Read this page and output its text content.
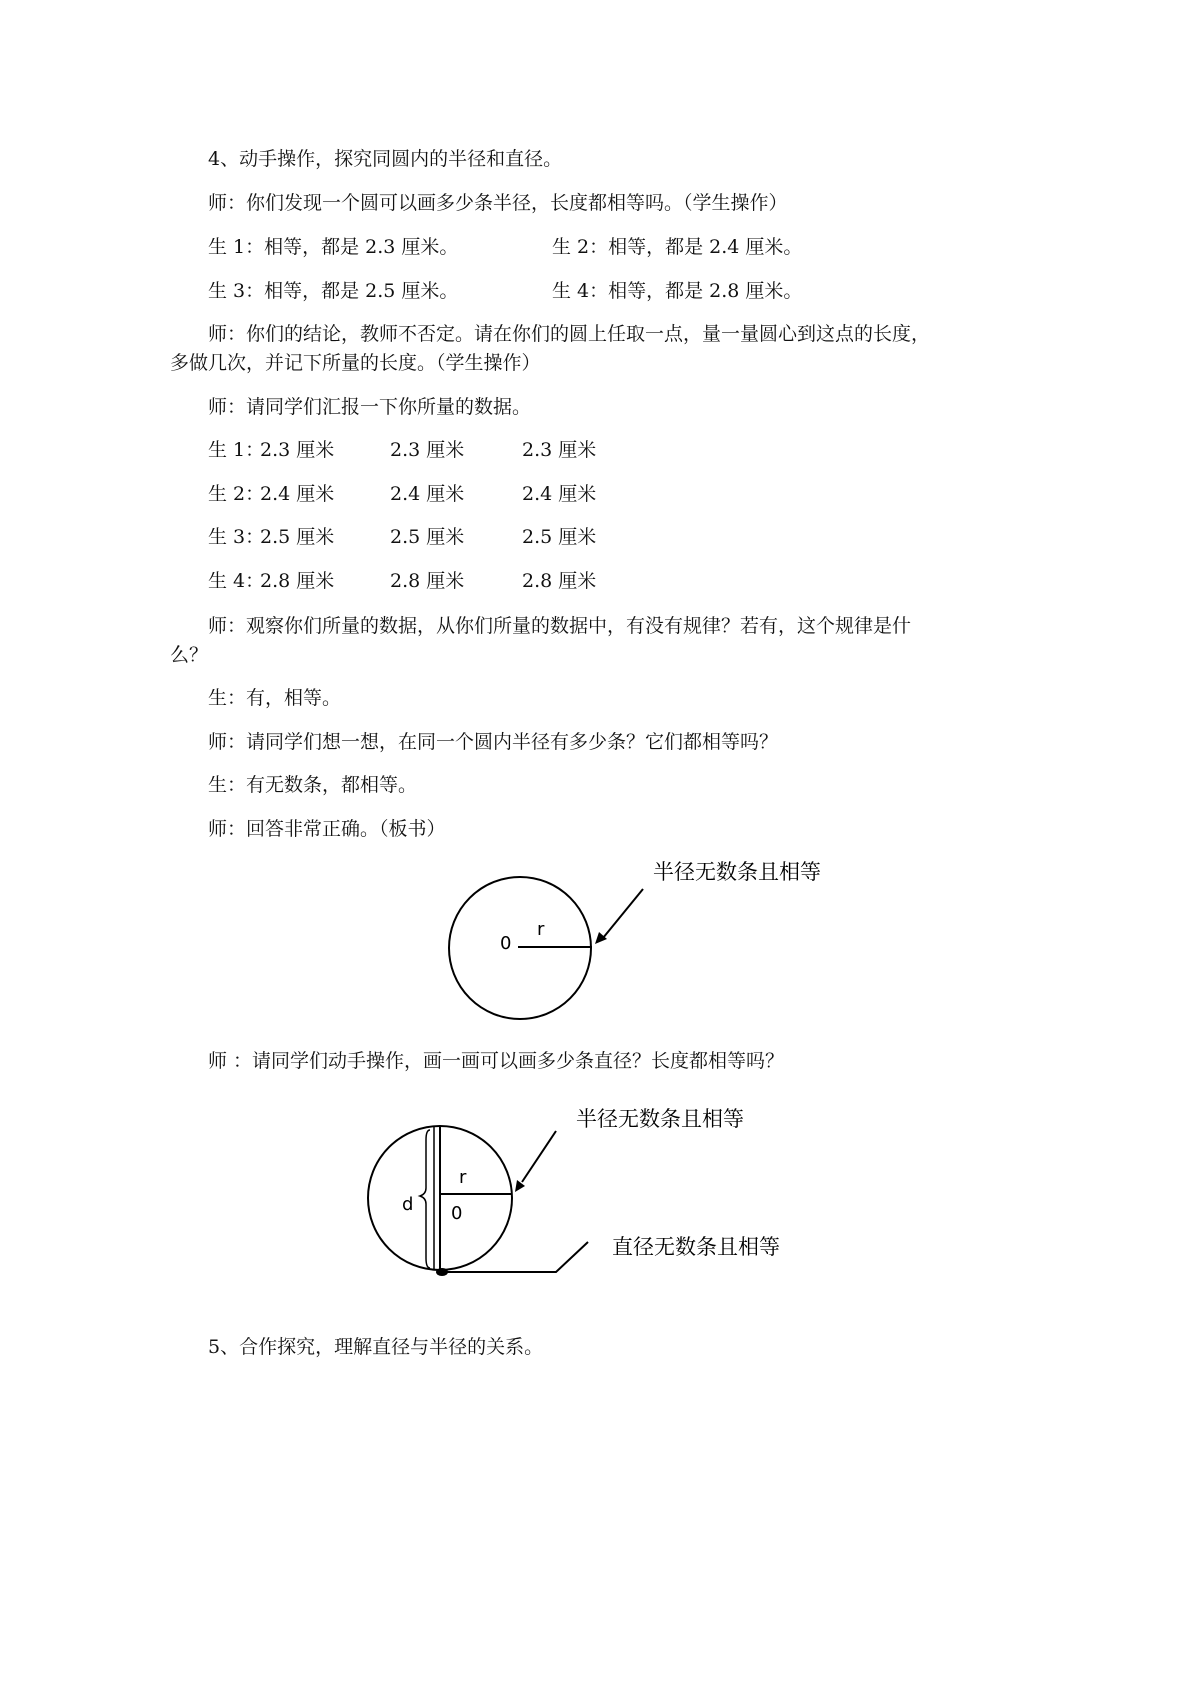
4、动手操作，探究同圆内的半径和直径。
师：你们发现一个圆可以画多少条半径，长度都相等吗。（学生操作）
生 1：相等，都是 2.3 厘米。	生 2：相等，都是 2.4 厘米。
生 3：相等，都是 2.5 厘米。	生 4：相等，都是 2.8 厘米。
师：你们的结论，教师不否定。请在你们的圆上任取一点，量一量圆心到这点的长度，
多做几次，并记下所量的长度。（学生操作）
师：请同学们汇报一下你所量的数据。
生 1：
2.3 厘米	2.3 厘米	2.3 厘米
生 2：
2.4 厘米	2.4 厘米	2.4 厘米
生 3：
2.5 厘米	2.5 厘米	2.5 厘米
生 4：
2.8 厘米	2.8 厘米	2.8 厘米
师：观察你们所量的数据，从你们所量的数据中，有没有规律？若有，这个规律是什
么？
生：有，相等。
师：请同学们想一想，在同一个圆内半径有多少条？它们都相等吗？
生：有无数条，都相等。
师：回答非常正确。（板书）
0
r
半径无数条且相等
师 ：请同学们动手操作，画一画可以画多少条直径？长度都相等吗？
d
r
0
半径无数条且相等
直径无数条且相等
5、合作探究，理解直径与半径的关系。
